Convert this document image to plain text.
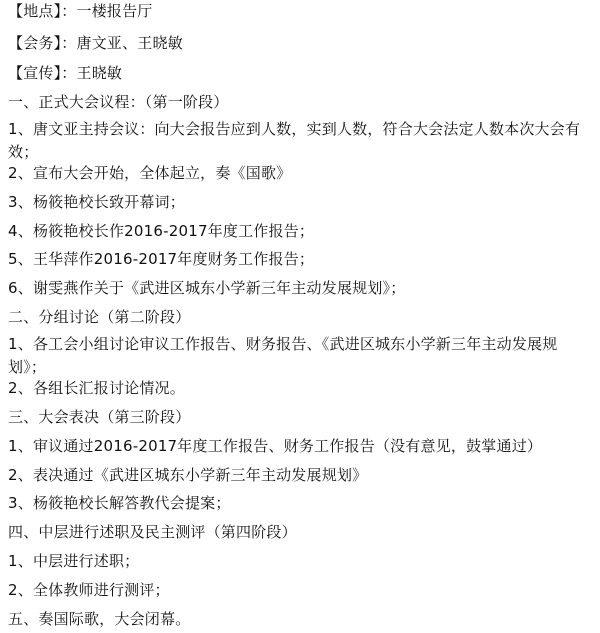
【地点】：一楼报告厅
【会务】：唐文亚、王晓敏
【宣传】：王晓敏
一、正式大会议程：（第一阶段）
1、唐文亚主持会议：向大会报告应到人数，实到人数，符合大会法定人数本次大会有效；
2、宣布大会开始，全体起立，奏《国歌》
3、杨筱艳校长致开幕词；
4、杨筱艳校长作2016-2017年度工作报告；
5、王华萍作2016-2017年度财务工作报告；
6、谢雯燕作关于《武进区城东小学新三年主动发展规划》；
二、分组讨论（第二阶段）
1、各工会小组讨论审议工作报告、财务报告、《武进区城东小学新三年主动发展规划》；
2、各组长汇报讨论情况。
三、大会表决（第三阶段）
1、审议通过2016-2017年度工作报告、财务工作报告（没有意见，鼓掌通过）
2、表决通过《武进区城东小学新三年主动发展规划》
3、杨筱艳校长解答教代会提案；
四、中层进行述职及民主测评（第四阶段）
1、中层进行述职；
2、全体教师进行测评；
五、奏国际歌，大会闭幕。
